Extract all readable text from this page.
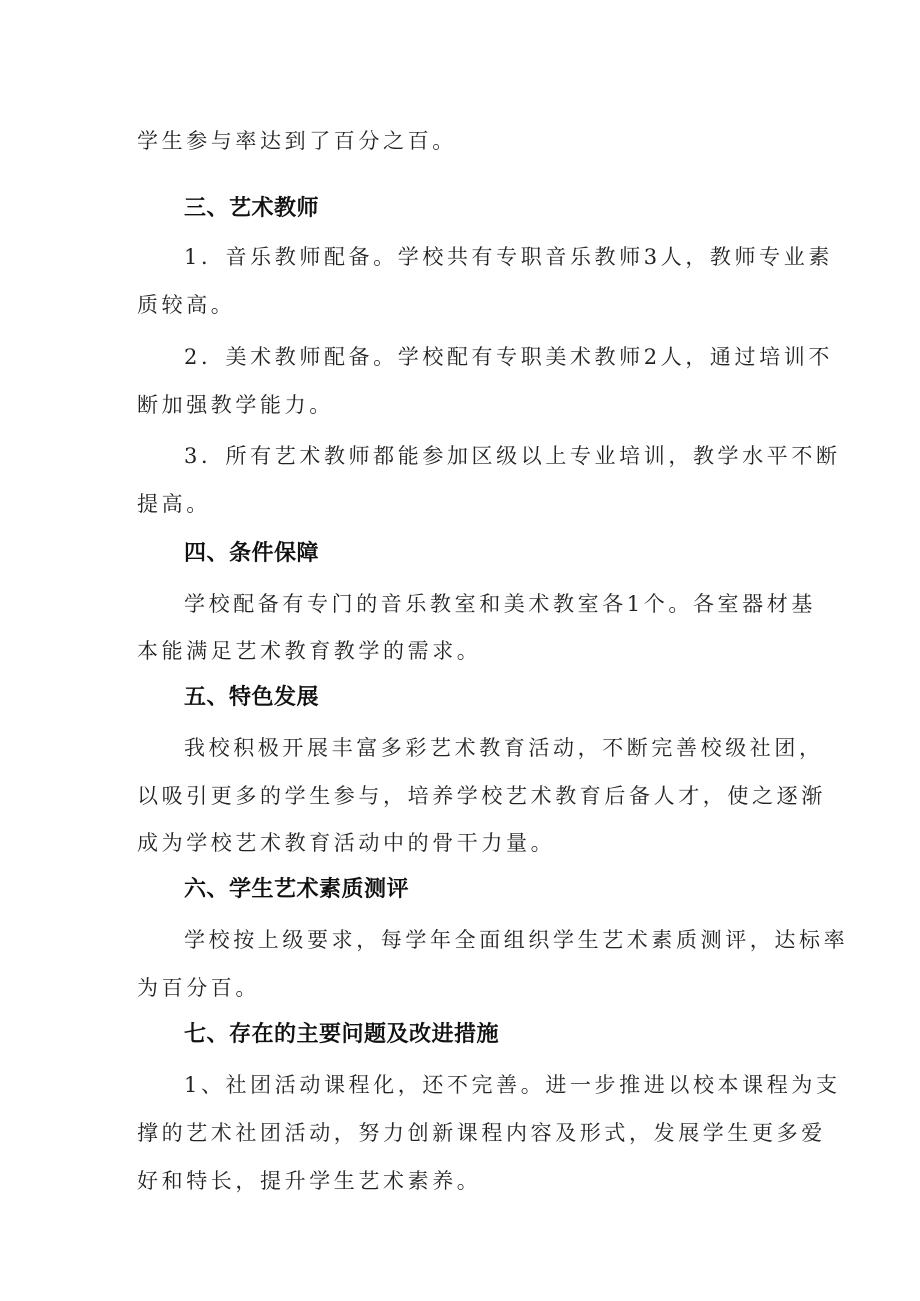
学生参与率达到了百分之百。
三、艺术教师
1．音乐教师配备。学校共有专职音乐教师3人，教师专业素
质较高。
2．美术教师配备。学校配有专职美术教师2人，通过培训不
断加强教学能力。
3．所有艺术教师都能参加区级以上专业培训，教学水平不断
提高。
四、条件保障
学校配备有专门的音乐教室和美术教室各1个。各室器材基
本能满足艺术教育教学的需求。
五、特色发展
我校积极开展丰富多彩艺术教育活动，不断完善校级社团，
以吸引更多的学生参与，培养学校艺术教育后备人才，使之逐渐
成为学校艺术教育活动中的骨干力量。
六、学生艺术素质测评
学校按上级要求，每学年全面组织学生艺术素质测评，达标率
为百分百。
七、存在的主要问题及改进措施
1、社团活动课程化，还不完善。进一步推进以校本课程为支
撑的艺术社团活动，努力创新课程内容及形式，发展学生更多爱
好和特长，提升学生艺术素养。
